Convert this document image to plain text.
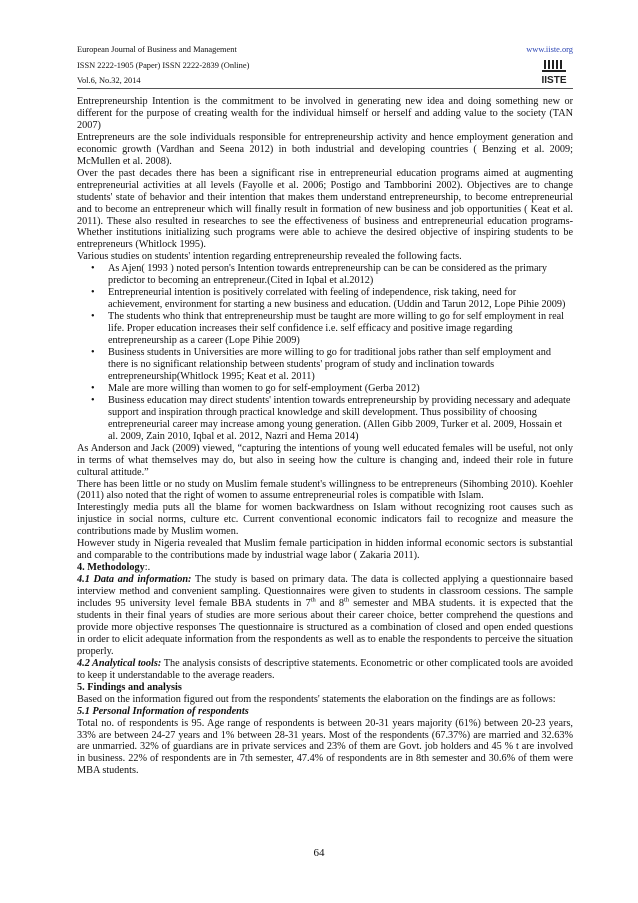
European Journal of Business and Management
ISSN 2222-1905 (Paper) ISSN 2222-2839 (Online)
Vol.6, No.32, 2014
www.iiste.org
IISTE

Entrepreneurship Intention is the commitment to be involved in generating new idea and doing something new or different for the purpose of creating wealth for the individual himself or herself and adding value to the society (TAN 2007)

Entrepreneurs are the sole individuals responsible for entrepreneurship activity and hence employment generation and economic growth (Vardhan and Seena 2012) in both industrial and developing countries ( Benzing et al. 2009; McMullen et al. 2008).

Over the past decades there has been a significant rise in entrepreneurial education programs aimed at augmenting entrepreneurial activities at all levels (Fayolle et al. 2006; Postigo and Tambborini 2002). Objectives are to change students' state of behavior and their intention that makes them understand entrepreneurship, to become entrepreneurial and to become an entrepreneur which will finally result in formation of new business and job opportunities ( Keat et al. 2011). These also resulted in researches to see the effectiveness of business and entrepreneurial education programs- Whether institutions initializing such programs were able to achieve the desired objective of inspiring students to be entrepreneurs (Whitlock 1995).

Various studies on students' intention regarding entrepreneurship revealed the following facts.

• As Ajen( 1993 ) noted person's Intention towards entrepreneurship can be can be considered as the primary predictor to becoming an entrepreneur.(Cited in Iqbal et al.2012)
• Entrepreneurial intention is positively correlated with feeling of independence, risk taking, need for achievement, environment for starting a new business and education. (Uddin and Tarun 2012, Lope Pihie 2009)
• The students who think that entrepreneurship must be taught are more willing to go for self employment in real life. Proper education increases their self confidence i.e. self efficacy and positive image regarding entrepreneurship as a career (Lope Pihie 2009)
• Business students in Universities are more willing to go for traditional jobs rather than self employment and there is no significant relationship between students' program of study and inclination towards entrepreneurship(Whitlock 1995; Keat et al. 2011)
• Male are more willing than women to go for self-employment (Gerba 2012)
• Business education may direct students' intention towards entrepreneurship by providing necessary and adequate support and inspiration through practical knowledge and skill development. Thus possibility of choosing entrepreneurial career may increase among young generation. (Allen Gibb 2009, Turker et al. 2009, Hossain et al. 2009, Zain 2010, Iqbal et al. 2012, Nazri and Hema 2014)

As Anderson and Jack (2009) viewed, “capturing the intentions of young well educated females will be useful, not only in terms of what themselves may do, but also in seeing how the culture is changing and, indeed their role in future cultural attitude.”

There has been little or no study on Muslim female student's willingness to be entrepreneurs (Sihombing 2010). Koehler (2011) also noted that the right of women to assume entrepreneurial roles is compatible with Islam.

Interestingly media puts all the blame for women backwardness on Islam without recognizing root causes such as injustice in social norms, culture etc. Current conventional economic indicators fail to recognize and measure the contributions made by Muslim women.

However study in Nigeria revealed that Muslim female participation in hidden informal economic sectors is substantial and comparable to the contributions made by industrial wage labor ( Zakaria 2011).

4. Methodology:.

4.1 Data and information: The study is based on primary data. The data is collected applying a questionnaire based interview method and convenient sampling. Questionnaires were given to students in classroom cessions. The sample includes 95 university level female BBA students in 7th and 8th semester and MBA students. it is expected that the students in their final years of studies are more serious about their career choice, better comprehend the questions and provide more objective responses The questionnaire is structured as a combination of closed and open ended questions in order to elicit adequate information from the respondents as well as to enable the respondents to perceive the situation properly.

4.2 Analytical tools: The analysis consists of descriptive statements. Econometric or other complicated tools are avoided to keep it understandable to the average readers.

5. Findings and analysis

Based on the information figured out from the respondents' statements the elaboration on the findings are as follows:

5.1 Personal Information of respondents

Total no. of respondents is 95. Age range of respondents is between 20-31 years majority (61%) between 20-23 years, 33% are between 24-27 years and 1% between 28-31 years. Most of the respondents (67.37%) are married and 32.63% are unmarried. 32% of guardians are in private services and 23% of them are Govt. job holders and 45 % t are involved in business. 22% of respondents are in 7th semester, 47.4% of respondents are in 8th semester and 30.6% of them were MBA students.

64
